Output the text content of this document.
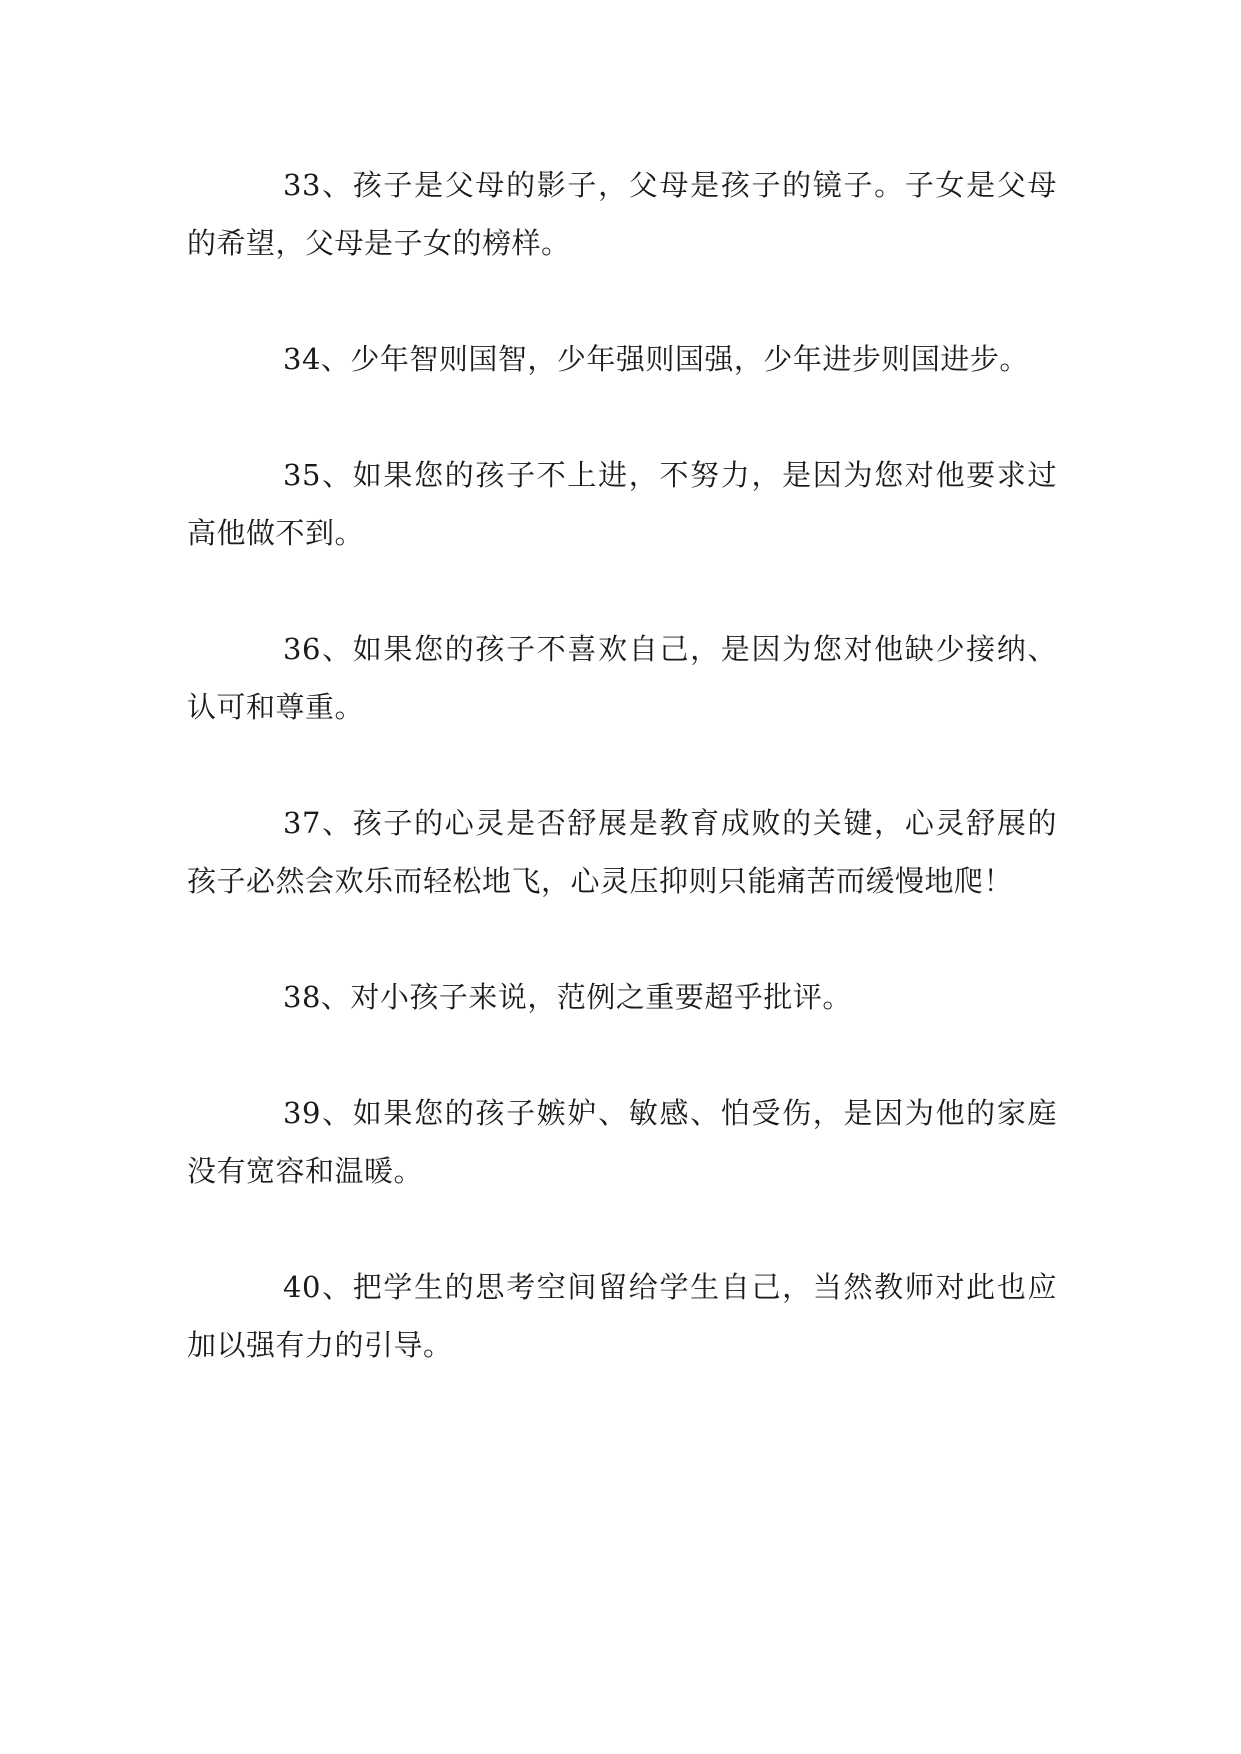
33、孩子是父母的影子，父母是孩子的镜子。子女是父母的希望，父母是子女的榜样。

34、少年智则国智，少年强则国强，少年进步则国进步。

35、如果您的孩子不上进，不努力，是因为您对他要求过高他做不到。

36、如果您的孩子不喜欢自己，是因为您对他缺少接纳、认可和尊重。

37、孩子的心灵是否舒展是教育成败的关键，心灵舒展的孩子必然会欢乐而轻松地飞，心灵压抑则只能痛苦而缓慢地爬！

38、对小孩子来说，范例之重要超乎批评。

39、如果您的孩子嫉妒、敏感、怕受伤，是因为他的家庭没有宽容和温暖。

40、把学生的思考空间留给学生自己，当然教师对此也应加以强有力的引导。
